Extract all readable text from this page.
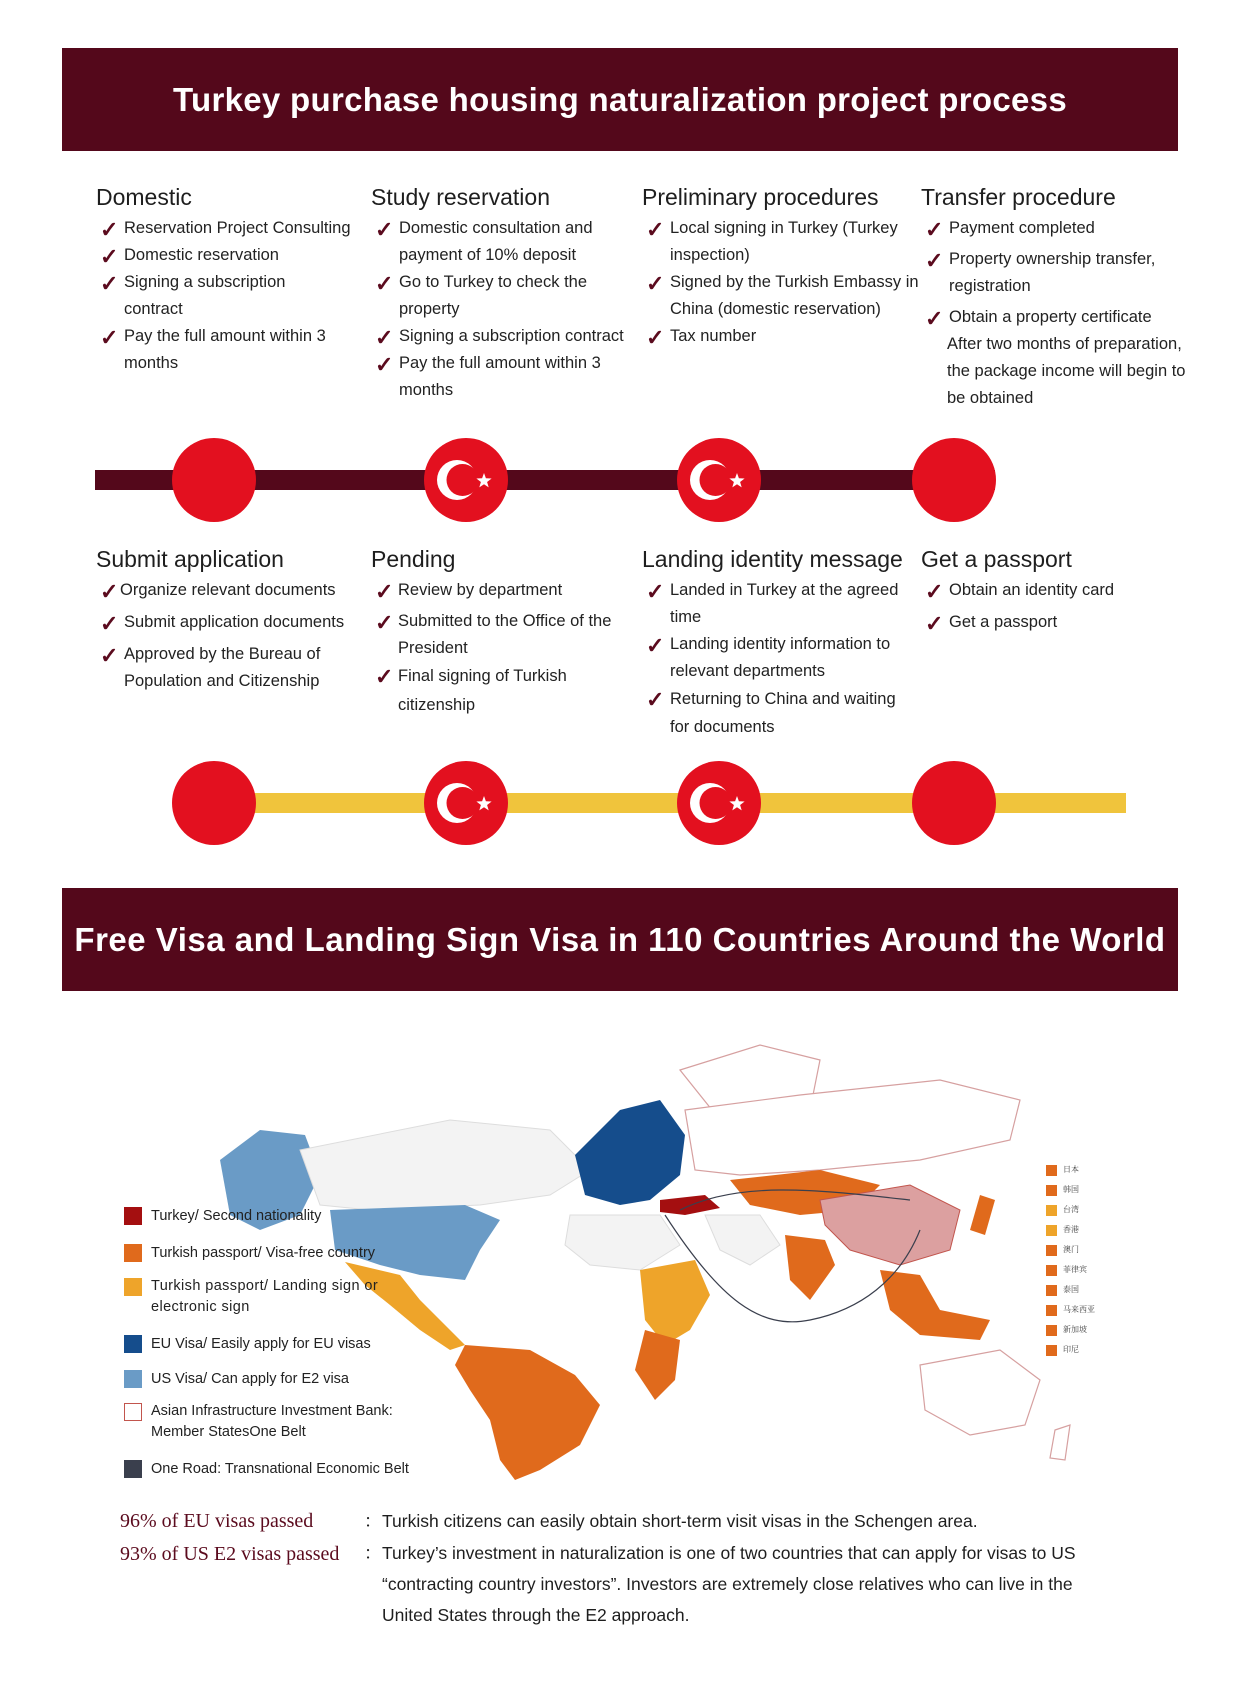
Turkey purchase housing naturalization project process
Domestic
✓ Reservation Project Consulting
✓ Domestic reservation
✓ Signing a subscription contract
✓ Pay the full amount within 3 months
Study reservation
✓ Domestic consultation and payment of 10% deposit
✓ Go to Turkey to check the property
✓ Signing a subscription contract
✓ Pay the full amount within 3 months
Preliminary procedures
✓ Local signing in Turkey (Turkey inspection)
✓ Signed by the Turkish Embassy in China (domestic reservation)
✓ Tax number
Transfer procedure
✓ Payment completed
✓ Property ownership transfer, registration
✓ Obtain a property certificate
After two months of preparation, the package income will begin to be obtained
Submit application
✓ Organize relevant documents
✓ Submit application documents
✓ Approved by the Bureau of Population and Citizenship
Pending
✓ Review by department
✓ Submitted to the Office of the President
✓ Final signing of Turkish citizenship
Landing identity message
✓ Landed in Turkey at the agreed time
✓ Landing identity information to relevant departments
✓ Returning to China and waiting for documents
Get a passport
✓ Obtain an identity card
✓ Get a passport
Free Visa and Landing Sign Visa in 110 Countries Around the World
日本
韩国
台湾
香港
澳门
菲律宾
泰国
马来西亚
新加坡
印尼
Turkey/ Second nationality
Turkish passport/ Visa-free country
Turkish passport/ Landing sign or electronic sign
EU Visa/ Easily apply for EU visas
US Visa/ Can apply for E2 visa
Asian Infrastructure Investment Bank: Member StatesOne Belt
One Road: Transnational Economic Belt
96% of EU visas passed
93% of US E2 visas passed
： Turkish citizens can easily obtain short-term visit visas in the Schengen area.
： Turkey’s investment in naturalization is one of two countries that can apply for visas to US “contracting country investors”. Investors are extremely close relatives who can live in the United States through the E2 approach.
